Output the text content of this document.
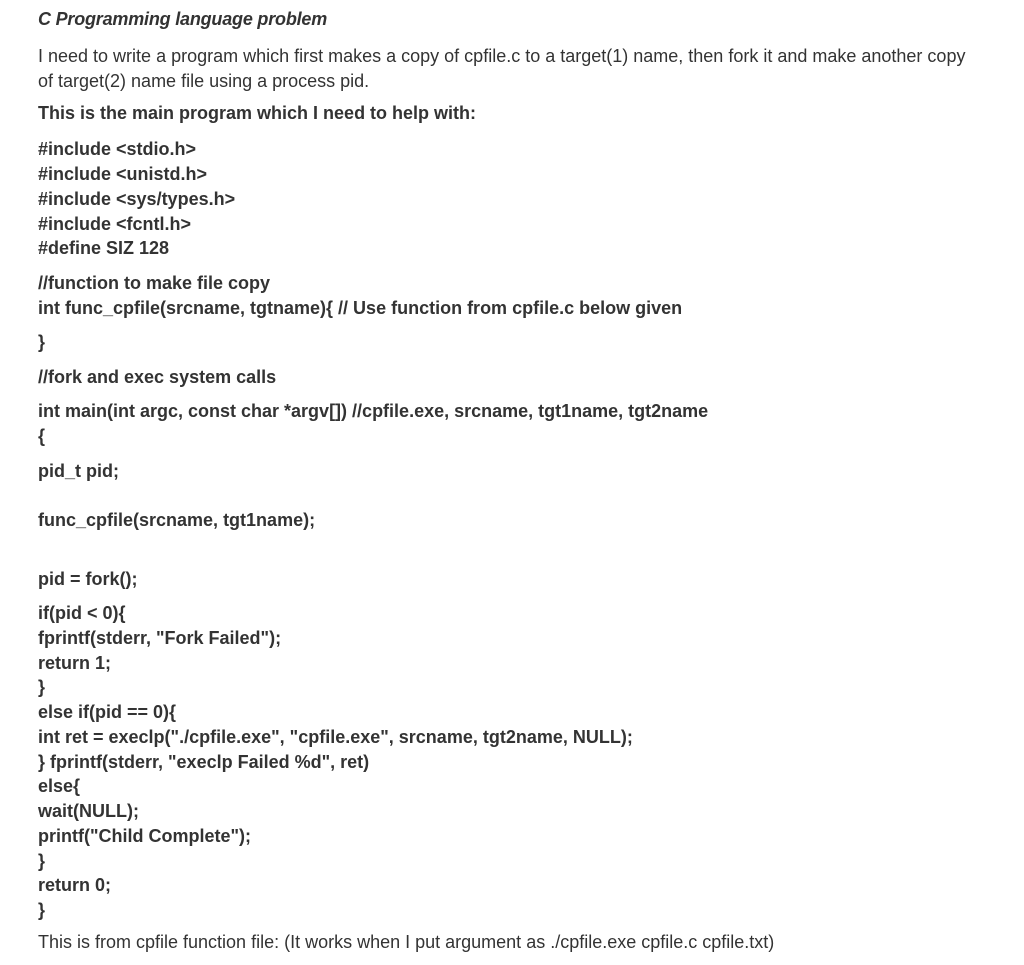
C Programming language problem

I need to write a program which first makes a copy of cpfile.c to a target(1) name, then fork it and make another copy of target(2) name file using a process pid.

This is the main program which I need to help with:

#include <stdio.h>

#include <unistd.h>

#include <sys/types.h>

#include <fcntl.h>

#define SIZ 128

//function to make file copy

int func_cpfile(srcname, tgtname){ // Use function from cpfile.c below given

}

//fork and exec system calls

int main(int argc, const char *argv[]) //cpfile.exe, srcname, tgt1name, tgt2name

{

pid_t pid;

func_cpfile(srcname, tgt1name);

pid = fork();

if(pid < 0){

fprintf(stderr, "Fork Failed");

return 1;

}

else if(pid == 0){

int ret = execlp("./cpfile.exe", "cpfile.exe", srcname, tgt2name, NULL);

} fprintf(stderr, "execlp Failed %d", ret)

else{

wait(NULL);

printf("Child Complete");

}

return 0;

}

This is from cpfile function file: (It works when I put argument as ./cpfile.exe cpfile.c cpfile.txt)
